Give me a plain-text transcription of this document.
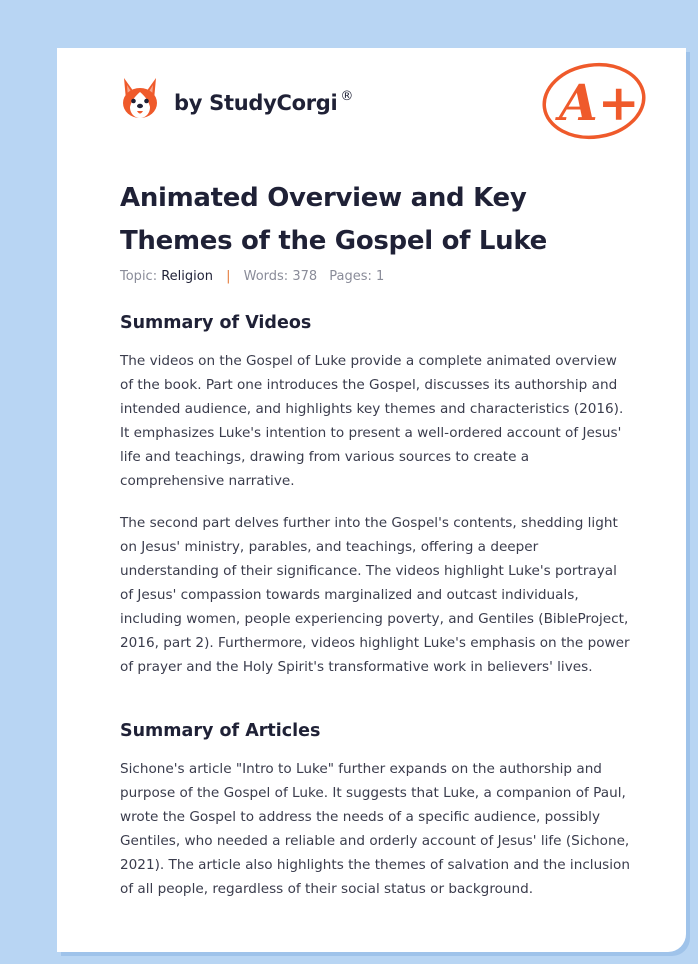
by StudyCorgi ®	A+
Animated Overview and Key Themes of the Gospel of Luke
Topic: Religion | Words: 378 Pages: 1
Summary of Videos

The videos on the Gospel of Luke provide a complete animated overview of the book. Part one introduces the Gospel, discusses its authorship and intended audience, and highlights key themes and characteristics (2016). It emphasizes Luke's intention to present a well-ordered account of Jesus' life and teachings, drawing from various sources to create a comprehensive narrative.

The second part delves further into the Gospel's contents, shedding light on Jesus' ministry, parables, and teachings, offering a deeper understanding of their significance. The videos highlight Luke's portrayal of Jesus' compassion towards marginalized and outcast individuals, including women, people experiencing poverty, and Gentiles (BibleProject, 2016, part 2). Furthermore, videos highlight Luke's emphasis on the power of prayer and the Holy Spirit's transformative work in believers' lives.

Summary of Articles

Sichone's article "Intro to Luke" further expands on the authorship and purpose of the Gospel of Luke. It suggests that Luke, a companion of Paul, wrote the Gospel to address the needs of a specific audience, possibly Gentiles, who needed a reliable and orderly account of Jesus' life (Sichone, 2021). The article also highlights the themes of salvation and the inclusion of all people, regardless of their social status or background.
